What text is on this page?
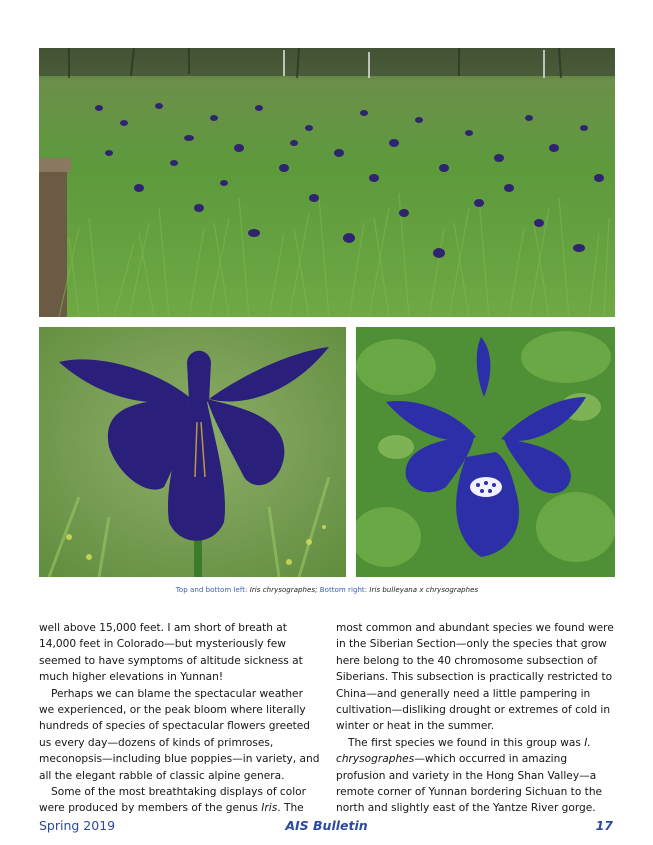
Top and bottom left: Iris chrysographes; Bottom right: Iris bulleyana x chrysographes

well above 15,000 feet. I am short of breath at 14,000 feet in Colorado—but mysteriously few seemed to have symptoms of altitude sickness at much higher elevations in Yunnan!

Perhaps we can blame the spectacular weather we experienced, or the peak bloom where literally hundreds of species of spectacular flowers greeted us every day—dozens of kinds of primroses, meconopsis—including blue poppies—in variety, and all the elegant rabble of classic alpine genera.

Some of the most breathtaking displays of color were produced by members of the genus Iris. The

most common and abundant species we found were in the Siberian Section—only the species that grow here belong to the 40 chromosome subsection of Siberians. This subsection is practically restricted to China—and generally need a little pampering in cultivation—disliking drought or extremes of cold in winter or heat in the summer.

The first species we found in this group was I. chrysographes—which occurred in amazing profusion and variety in the Hong Shan Valley—a remote corner of Yunnan bordering Sichuan to the north and slightly east of the Yantze River gorge.

Spring 2019	AIS Bulletin	17
